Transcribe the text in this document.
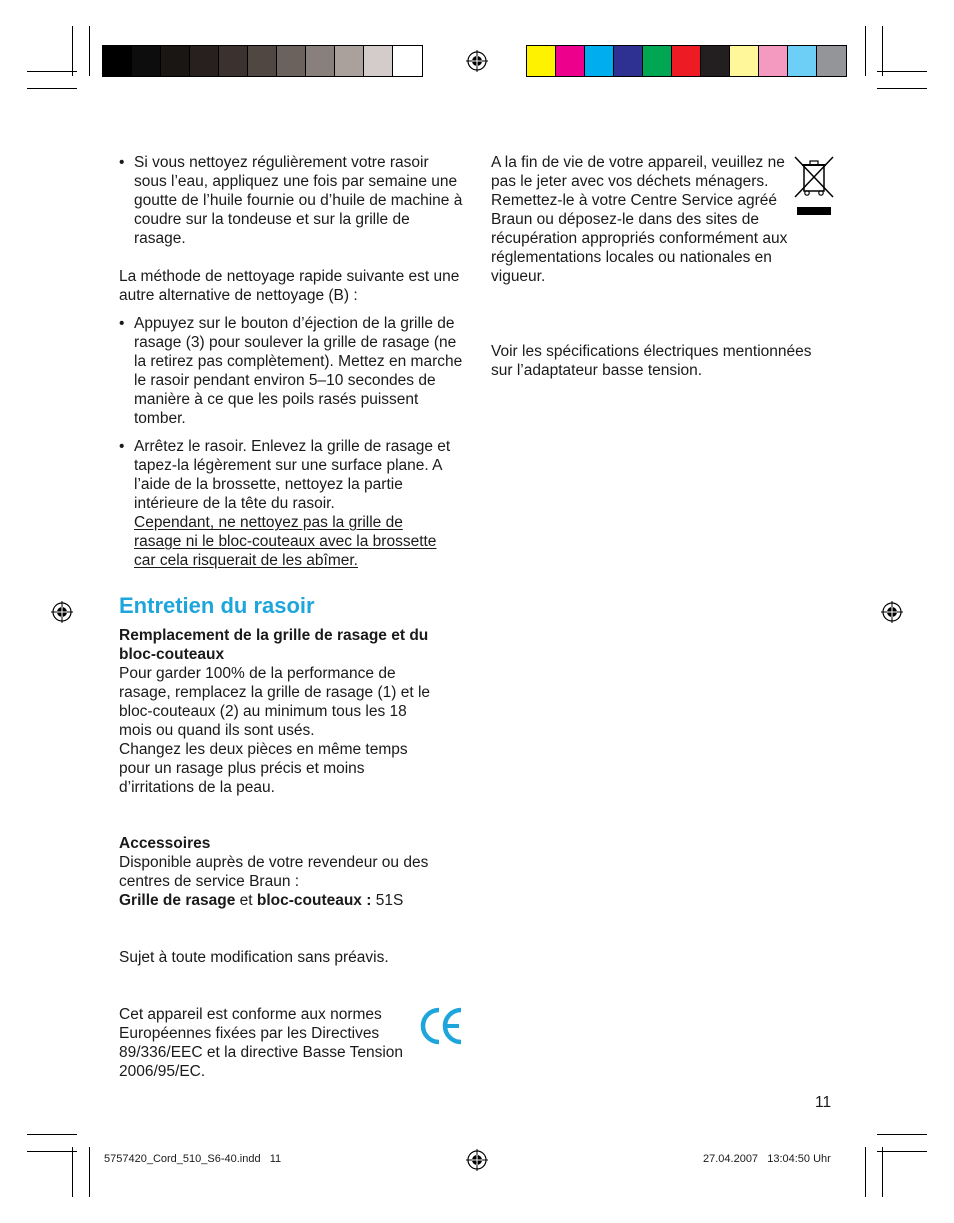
• Si vous nettoyez régulièrement votre rasoir sous l’eau, appliquez une fois par semaine une goutte de l’huile fournie ou d’huile de machine à coudre sur la tondeuse et sur la grille de rasage.
La méthode de nettoyage rapide suivante est une autre alternative de nettoyage (B) :
• Appuyez sur le bouton d’éjection de la grille de rasage (3) pour soulever la grille de rasage (ne la retirez pas complètement). Mettez en marche le rasoir pendant environ 5–10 secondes de manière à ce que les poils rasés puissent tomber.
• Arrêtez le rasoir. Enlevez la grille de rasage et tapez-la légèrement sur une surface plane. A l’aide de la brossette, nettoyez la partie intérieure de la tête du rasoir.
Cependant, ne nettoyez pas la grille de rasage ni le bloc-couteaux avec la brossette car cela risquerait de les abîmer.
Entretien du rasoir
Remplacement de la grille de rasage et du bloc-couteaux
Pour garder 100% de la performance de rasage, remplacez la grille de rasage (1) et le bloc-couteaux (2) au minimum tous les 18 mois ou quand ils sont usés.
Changez les deux pièces en même temps pour un rasage plus précis et moins d’irritations de la peau.
Accessoires
Disponible auprès de votre revendeur ou des centres de service Braun :
Grille de rasage et bloc-couteaux : 51S
Sujet à toute modification sans préavis.
Cet appareil est conforme aux normes Européennes fixées par les Directives 89/336/EEC et la directive Basse Tension 2006/95/EC.
A la fin de vie de votre appareil, veuillez ne pas le jeter avec vos déchets ménagers. Remettez-le à votre Centre Service agréé Braun ou déposez-le dans des sites de récupération appropriés conformément aux réglementations locales ou nationales en vigueur.
Voir les spécifications électriques mentionnées sur l’adaptateur basse tension.
11
5757420_Cord_510_S6-40.indd   11	27.04.2007   13:04:50 Uhr
